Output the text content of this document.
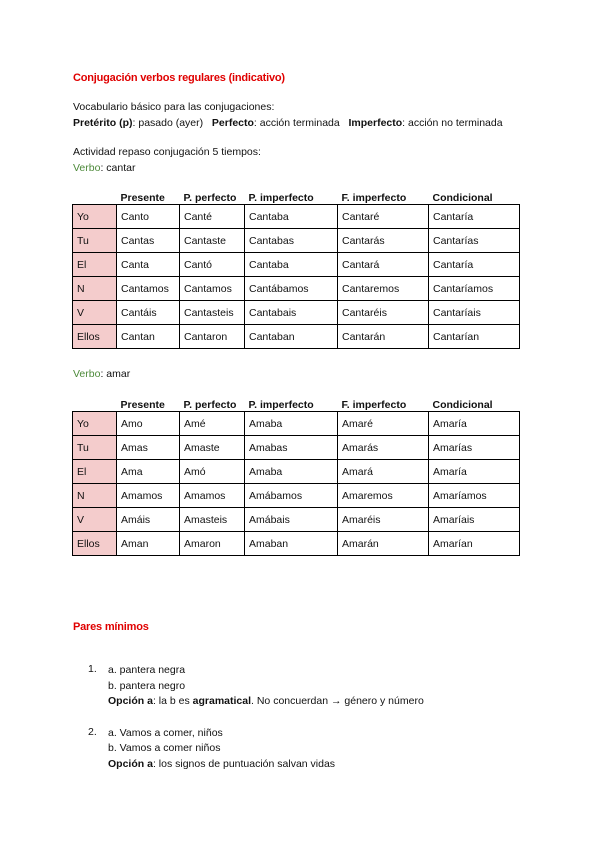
Conjugación verbos regulares (indicativo)
Vocabulario básico para las conjugaciones:
Pretérito (p): pasado (ayer) Perfecto: acción terminada Imperfecto: acción no terminada
Actividad repaso conjugación 5 tiempos:
Verbo: cantar
	Presente	P. perfecto	P. imperfecto	F. imperfecto	Condicional
Yo	Canto	Canté	Cantaba	Cantaré	Cantaría
Tu	Cantas	Cantaste	Cantabas	Cantarás	Cantarías
El	Canta	Cantó	Cantaba	Cantará	Cantaría
N	Cantamos	Cantamos	Cantábamos	Cantaremos	Cantaríamos
V	Cantáis	Cantasteis	Cantabais	Cantaréis	Cantaríais
Ellos	Cantan	Cantaron	Cantaban	Cantarán	Cantarían
Verbo: amar
	Presente	P. perfecto	P. imperfecto	F. imperfecto	Condicional
Yo	Amo	Amé	Amaba	Amaré	Amaría
Tu	Amas	Amaste	Amabas	Amarás	Amarías
El	Ama	Amó	Amaba	Amará	Amaría
N	Amamos	Amamos	Amábamos	Amaremos	Amaríamos
V	Amáis	Amasteis	Amábais	Amaréis	Amaríais
Ellos	Aman	Amaron	Amaban	Amarán	Amarían
Pares mínimos
1. a. pantera negra
b. pantera negro
Opción a: la b es agramatical. No concuerdan → género y número
2. a. Vamos a comer, niños
b. Vamos a comer niños
Opción a: los signos de puntuación salvan vidas
